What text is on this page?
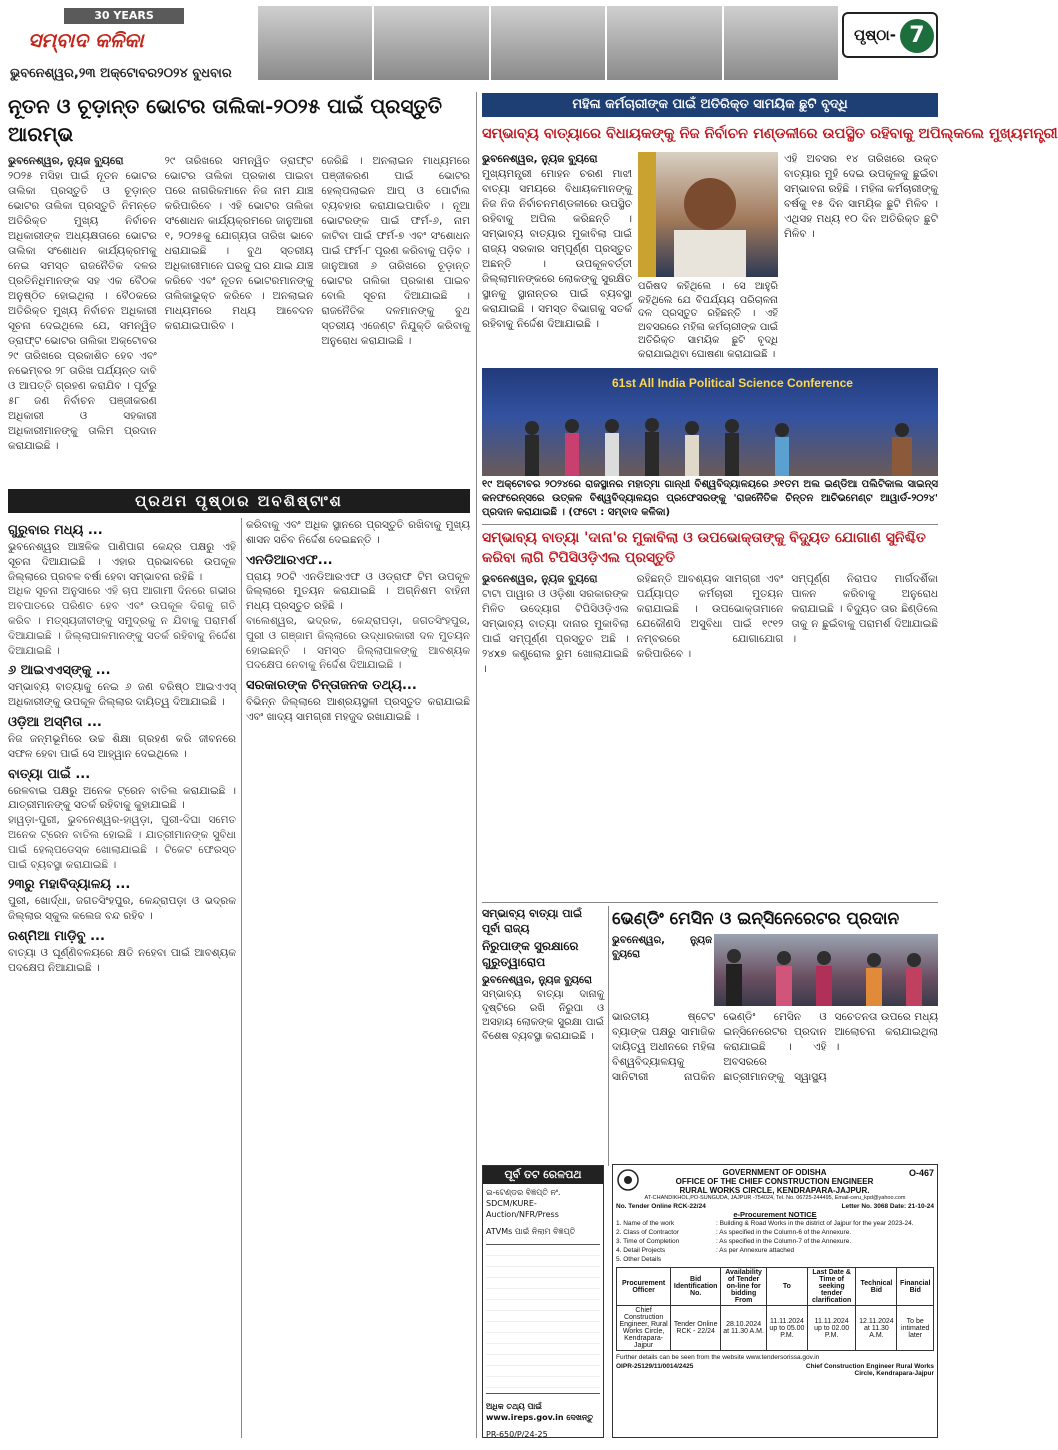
30 YEARS
ସମ୍ବାଦ କଳିକା
ଭୁବନେଶ୍ୱର,୨୩ ଅକ୍ଟୋବର୨୦୨୪ ବୁଧବାର
ପୃଷ୍ଠା- 7
ନୂତନ ଓ ଚୂଡ଼ାନ୍ତ ଭୋଟର ତାଲିକା-୨୦୨୫ ପାଇଁ ପ୍ରସ୍ତୁତି ଆରମ୍ଭ

ଭୁବନେଶ୍ୱର, ନ୍ୟୁଜ ବ୍ୟୁରୋ
୨୦୨୫ ମସିହା ପାଇଁ ନୂତନ ଭୋଟର ତାଲିକା ପ୍ରସ୍ତୁତି ଓ ଚୂଡ଼ାନ୍ତ ଭୋଟର ତାଲିକା ପ୍ରସ୍ତୁତି ନିମନ୍ତେ ଅତିରିକ୍ତ ମୁଖ୍ୟ ନିର୍ବାଚନ ଅଧିକାରୀଙ୍କ ଅଧ୍ୟକ୍ଷତାରେ ଭୋଟର ତାଲିକା ସଂଶୋଧନ କାର୍ଯ୍ୟକ୍ରମକୁ ନେଇ ସମସ୍ତ ରାଜନୈତିକ ଦଳର ପ୍ରତିନିଧିମାନଙ୍କ ସହ ଏକ ବୈଠକ ଅନୁଷ୍ଠିତ ହୋଇଥିଲା । ବୈଠକରେ ଅତିରିକ୍ତ ମୁଖ୍ୟ ନିର୍ବାଚନ ଅଧିକାରୀ ସୂଚନା ଦେଇଥିଲେ ଯେ, ସମନ୍ୱିତ ଡ୍ରାଫ୍ଟ ଭୋଟର ତାଲିକା ଅକ୍ଟୋବର ୨୯ ତାରିଖରେ ପ୍ରକାଶିତ ହେବ ଏବଂ ନଭେମ୍ବର ୨୮ ତାରିଖ ପର୍ଯ୍ୟନ୍ତ ଦାବି ଓ ଆପତ୍ତି ଗ୍ରହଣ କରାଯିବ । ପୂର୍ବରୁ ୫୮ ଜଣ ନିର୍ବାଚନ ପଞ୍ଜୀକରଣ ଅଧିକାରୀ ଓ ସହକାରୀ ଅଧିକାରୀମାନଙ୍କୁ ତାଲିମ ପ୍ରଦାନ କରାଯାଇଛି ।

୨୯ ତାରିଖରେ ସମନ୍ୱିତ ଡ୍ରାଫ୍ଟ ଭୋଟର ତାଲିକା ପ୍ରକାଶ ପାଇବା ପରେ ନାଗରିକମାନେ ନିଜ ନାମ ଯାଞ୍ଚ କରିପାରିବେ । ଏହି ଭୋଟର ତାଲିକା ସଂଶୋଧନ କାର୍ଯ୍ୟକ୍ରମରେ ଜାନୁଆରୀ ୧, ୨୦୨୫କୁ ଯୋଗ୍ୟତା ତାରିଖ ଭାବେ ଧରାଯାଇଛି । ବୁଥ ସ୍ତରୀୟ ଅଧିକାରୀମାନେ ଘରକୁ ଘର ଯାଇ ଯାଞ୍ଚ କରିବେ ଏବଂ ନୂତନ ଭୋଟରମାନଙ୍କୁ ତାଲିକାଭୁକ୍ତ କରିବେ । ଅନଲାଇନ ମାଧ୍ୟମରେ ମଧ୍ୟ ଆବେଦନ କରାଯାଇପାରିବ ।

ଜେରିଛି । ଅନଲାଇନ ମାଧ୍ୟମରେ ପଞ୍ଜୀକରଣ ପାଇଁ ଭୋଟର ହେଲ୍ପଲାଇନ ଆପ୍ ଓ ପୋର୍ଟାଲ ବ୍ୟବହାର କରାଯାଇପାରିବ । ନୂଆ ଭୋଟରଙ୍କ ପାଇଁ ଫର୍ମ-୬, ନାମ କାଟିବା ପାଇଁ ଫର୍ମ-୭ ଏବଂ ସଂଶୋଧନ ପାଇଁ ଫର୍ମ-୮ ପୂରଣ କରିବାକୁ ପଡ଼ିବ । ଜାନୁଆରୀ ୬ ତାରିଖରେ ଚୂଡ଼ାନ୍ତ ଭୋଟର ତାଲିକା ପ୍ରକାଶ ପାଇବ ବୋଲି ସୂଚନା ଦିଆଯାଇଛି । ରାଜନୈତିକ ଦଳମାନଙ୍କୁ ବୁଥ ସ୍ତରୀୟ ଏଜେଣ୍ଟ ନିଯୁକ୍ତି କରିବାକୁ ଅନୁରୋଧ କରାଯାଇଛି ।

ମହିଳା କର୍ମଚାରୀଙ୍କ ପାଇଁ ଅତିରିକ୍ତ ସାମୟିକ ଛୁଟି ବୃଦ୍ଧି
ସମ୍ଭାବ୍ୟ ବାତ୍ୟାରେ ବିଧାୟକଙ୍କୁ ନିଜ ନିର୍ବାଚନ ମଣ୍ଡଳୀରେ ଉପସ୍ଥିତ ରହିବାକୁ ଅପିଲ୍‌କଲେ ମୁଖ୍ୟମନ୍ତ୍ରୀ

ଭୁବନେଶ୍ୱର, ନ୍ୟୁଜ ବ୍ୟୁରୋ
ମୁଖ୍ୟମନ୍ତ୍ରୀ ମୋହନ ଚରଣ ମାଝୀ ବାତ୍ୟା ସମୟରେ ବିଧାୟକମାନଙ୍କୁ ନିଜ ନିଜ ନିର୍ବାଚନମଣ୍ଡଳୀରେ ଉପସ୍ଥିତ ରହିବାକୁ ଅପିଲ କରିଛନ୍ତି । ସମ୍ଭାବ୍ୟ ବାତ୍ୟାର ମୁକାବିଲା ପାଇଁ ରାଜ୍ୟ ସରକାର ସମ୍ପୂର୍ଣ୍ଣ ପ୍ରସ୍ତୁତ ଅଛନ୍ତି । ଉପକୂଳବର୍ତ୍ତୀ ଜିଲ୍ଲାମାନଙ୍କରେ ଲୋକଙ୍କୁ ସୁରକ୍ଷିତ ସ୍ଥାନକୁ ସ୍ଥାନାନ୍ତର ପାଇଁ ବ୍ୟବସ୍ଥା କରାଯାଇଛି । ସମସ୍ତ ବିଭାଗକୁ ସତର୍କ ରହିବାକୁ ନିର୍ଦ୍ଦେଶ ଦିଆଯାଇଛି ।

ପରିଷଦ କହିଥିଲେ । ସେ ଆହୁରି କହିଥିଲେ ଯେ ବିପର୍ଯ୍ୟୟ ପରିଚାଳନା ଦଳ ପ୍ରସ୍ତୁତ ରହିଛନ୍ତି । ଏହି ଅବସରରେ ମହିଳା କର୍ମଚାରୀଙ୍କ ପାଇଁ ଅତିରିକ୍ତ ସାମୟିକ ଛୁଟି ବୃଦ୍ଧି କରାଯାଇଥିବା ଘୋଷଣା କରାଯାଇଛି ।

ଏହି ଅବସର ୧୪ ତାରିଖରେ ଉକ୍ତ ବାତ୍ୟାର ମୁହଁ ଦେଇ ଉପକୂଳକୁ ଛୁଇଁବା ସମ୍ଭାବନା ରହିଛି । ମହିଳା କର୍ମଚାରୀଙ୍କୁ ବର୍ଷକୁ ୧୫ ଦିନ ସାମୟିକ ଛୁଟି ମିଳିବ । ଏଥିସହ ମଧ୍ୟ ୧୦ ଦିନ ଅତିରିକ୍ତ ଛୁଟି ମିଳିବ ।

61st All India Political Science Conference
୧୯ ଅକ୍ଟୋବର ୨୦୨୪ରେ ରାଜସ୍ଥାନର ମହାତ୍ମା ଗାନ୍ଧୀ ବିଶ୍ୱବିଦ୍ୟାଳୟରେ ୬୧ତମ ଅଲ ଇଣ୍ଡିଆ ପଲିଟିକାଲ ସାଇନ୍ସ କନଫରେନ୍ସରେ ଉତ୍କଳ ବିଶ୍ୱବିଦ୍ୟାଳୟର ପ୍ରଫେସରଙ୍କୁ 'ରାଜନୈତିକ ଚିନ୍ତନ ଆଚିଭମେଣ୍ଟ ଆୱାର୍ଡ-୨୦୨୪' ପ୍ରଦାନ କରାଯାଇଛି । (ଫଟୋ : ସମ୍ବାଦ କଳିକା)
ପ୍ରଥମ ପୃଷ୍ଠାର ଅବଶିଷ୍ଟାଂଶ
ଗୁରୁବାର ମଧ୍ୟ ...

ଭୁବନେଶ୍ୱର ଆଞ୍ଚଳିକ ପାଣିପାଗ କେନ୍ଦ୍ର ପକ୍ଷରୁ ଏହି ସୂଚନା ଦିଆଯାଇଛି । ଏହାର ପ୍ରଭାବରେ ଉପକୂଳ ଜିଲ୍ଲାରେ ପ୍ରବଳ ବର୍ଷା ହେବା ସମ୍ଭାବନା ରହିଛି ।

ଅଧିକ ସୂଚନା ଅନୁସାରେ ଏହି ଚାପ ଆଗାମୀ ଦିନରେ ଗଭୀର ଅବପାତରେ ପରିଣତ ହେବ ଏବଂ ଉପକୂଳ ଦିଗକୁ ଗତି କରିବ । ମତ୍ସ୍ୟଜୀବୀଙ୍କୁ ସମୁଦ୍ରକୁ ନ ଯିବାକୁ ପରାମର୍ଶ ଦିଆଯାଇଛି । ଜିଲ୍ଲାପାଳମାନଙ୍କୁ ସତର୍କ ରହିବାକୁ ନିର୍ଦ୍ଦେଶ ଦିଆଯାଇଛି ।

୬ ଆଇଏଏସ୍ଙ୍କୁ ...

ସମ୍ଭାବ୍ୟ ବାତ୍ୟାକୁ ନେଇ ୬ ଜଣ ବରିଷ୍ଠ ଆଇଏଏସ୍ ଅଧିକାରୀଙ୍କୁ ଉପକୂଳ ଜିଲ୍ଲାର ଦାୟିତ୍ୱ ଦିଆଯାଇଛି ।

ଓଡ଼ିଆ ଅସ୍ମିତା ...

ନିଜ ଜନ୍ମଭୂମିରେ ଉଚ୍ଚ ଶିକ୍ଷା ଗ୍ରହଣ କରି ଜୀବନରେ ସଫଳ ହେବା ପାଇଁ ସେ ଆହ୍ୱାନ ଦେଇଥିଲେ ।

ବାତ୍ୟା ପାଇଁ ...

ରେଳବାଇ ପକ୍ଷରୁ ଅନେକ ଟ୍ରେନ ବାତିଲ କରାଯାଇଛି । ଯାତ୍ରୀମାନଙ୍କୁ ସତର୍କ ରହିବାକୁ କୁହାଯାଇଛି ।

ହାୱଡ଼ା-ପୁରୀ, ଭୁବନେଶ୍ୱର-ହାୱଡ଼ା, ପୁରୀ-ଦିଘା ସମେତ ଅନେକ ଟ୍ରେନ ବାତିଲ ହୋଇଛି । ଯାତ୍ରୀମାନଙ୍କ ସୁବିଧା ପାଇଁ ହେଲ୍ପଡେସ୍କ ଖୋଲାଯାଇଛି । ଟିକେଟ ଫେରସ୍ତ ପାଇଁ ବ୍ୟବସ୍ଥା କରାଯାଇଛି ।

୨୩ରୁ ମହାବିଦ୍ୟାଳୟ ...

ପୁରୀ, ଖୋର୍ଦ୍ଧା, ଜଗତସିଂହପୁର, କେନ୍ଦ୍ରାପଡ଼ା ଓ ଭଦ୍ରକ ଜିଲ୍ଲାର ସ୍କୁଲ କଲେଜ ବନ୍ଦ ରହିବ ।

ରଶ୍ମିଆ ମାଡ଼ିବୁ ...

ବାତ୍ୟା ଓ ଘୂର୍ଣ୍ଣିବଳୟରେ କ୍ଷତି ନହେବା ପାଇଁ ଆବଶ୍ୟକ ପଦକ୍ଷେପ ନିଆଯାଇଛି ।

କରିବାକୁ ଏବଂ ଅଧିକ ସ୍ଥାନରେ ପ୍ରସ୍ତୁତି ରଖିବାକୁ ମୁଖ୍ୟ ଶାସନ ସଚିବ ନିର୍ଦ୍ଦେଶ ଦେଇଛନ୍ତି ।

ଏନଡିଆରଏଫ...

ପ୍ରାୟ ୨୦ଟି ଏନଡିଆରଏଫ ଓ ଓଡ୍ରାଫ ଟିମ ଉପକୂଳ ଜିଲ୍ଲାରେ ମୁତୟନ କରାଯାଇଛି । ଅଗ୍ନିଶମ ବାହିନୀ ମଧ୍ୟ ପ୍ରସ୍ତୁତ ରହିଛି ।

ବାଲେଶ୍ୱର, ଭଦ୍ରକ, କେନ୍ଦ୍ରାପଡ଼ା, ଜଗତସିଂହପୁର, ପୁରୀ ଓ ଗଞ୍ଜାମ ଜିଲ୍ଲାରେ ଉଦ୍ଧାରକାରୀ ଦଳ ମୁତୟନ ହୋଇଛନ୍ତି । ସମସ୍ତ ଜିଲ୍ଲାପାଳଙ୍କୁ ଆବଶ୍ୟକ ପଦକ୍ଷେପ ନେବାକୁ ନିର୍ଦ୍ଦେଶ ଦିଆଯାଇଛି ।

ସରକାରଙ୍କ ଚିନ୍ତାଜନକ ତଥ୍ୟ...

ବିଭିନ୍ନ ଜିଲ୍ଲାରେ ଆଶ୍ରୟସ୍ଥଳୀ ପ୍ରସ୍ତୁତ କରାଯାଇଛି ଏବଂ ଖାଦ୍ୟ ସାମଗ୍ରୀ ମହଜୁଦ ରଖାଯାଇଛି ।

ସମ୍ଭାବ୍ୟ ବାତ୍ୟା 'ଦାନା'ର ମୁକାବିଲା ଓ ଉପଭୋକ୍ତାଙ୍କୁ ବିଦ୍ୟୁତ ଯୋଗାଣ ସୁନିଶ୍ଚିତ କରିବା ଲାଗି ଟିପିସିଓଡ଼ିଏଲ ପ୍ରସ୍ତୁତି

ଭୁବନେଶ୍ୱର, ନ୍ୟୁଜ ବ୍ୟୁରୋ
ଟାଟା ପାୱାର ଓ ଓଡ଼ିଶା ସରକାରଙ୍କ ମିଳିତ ଉଦ୍ୟୋଗ ଟିପିସିଓଡ଼ିଏଲ ସମ୍ଭାବ୍ୟ ବାତ୍ୟା ଦାନାର ମୁକାବିଲା ପାଇଁ ସମ୍ପୂର୍ଣ୍ଣ ପ୍ରସ୍ତୁତ ଅଛି । ୨୪x୭ କଣ୍ଟ୍ରୋଲ ରୁମ ଖୋଲାଯାଇଛି ।

ରହିଛନ୍ତି ଆବଶ୍ୟକ ସାମଗ୍ରୀ ଏବଂ ପର୍ଯ୍ୟାପ୍ତ କର୍ମଚାରୀ ମୁତୟନ କରାଯାଇଛି । ଉପଭୋକ୍ତାମାନେ ଯେକୌଣସି ଅସୁବିଧା ପାଇଁ ୧୯୧୨ ନମ୍ବରରେ ଯୋଗାଯୋଗ କରିପାରିବେ ।

ସମ୍ପୂର୍ଣ୍ଣ ନିରାପଦ ମାର୍ଗଦର୍ଶିକା ପାଳନ କରିବାକୁ ଅନୁରୋଧ କରାଯାଇଛି । ବିଦ୍ୟୁତ ତାର ଛିଣ୍ଡିଲେ ତାକୁ ନ ଛୁଇଁବାକୁ ପରାମର୍ଶ ଦିଆଯାଇଛି ।

ସମ୍ଭାବ୍ୟ ବାତ୍ୟା ପାଇଁ ପୂର୍ବା ରାଜ୍ୟ
ନିରୁପାଙ୍କ ସୁରକ୍ଷାରେ ଗୁରୁତ୍ୱାରୋପ

ଭୁବନେଶ୍ୱର, ନ୍ୟୁଜ ବ୍ୟୁରୋ
ସମ୍ଭାବ୍ୟ ବାତ୍ୟା ଦାନାକୁ ଦୃଷ୍ଟିରେ ରଖି ନିରୁପା ଓ ଅସହାୟ ଲୋକଙ୍କ ସୁରକ୍ଷା ପାଇଁ ବିଶେଷ ବ୍ୟବସ୍ଥା କରାଯାଇଛି ।

ପୂର୍ବ ତଟ ରେଳପଥ

ଇ-ଟେଣ୍ଡର ବିଜ୍ଞପ୍ତି ନଂ. SDCM/KURE-Auction/NFR/Press

ATVMs ପାଇଁ ନିଲାମ ବିଜ୍ଞପ୍ତି

ଅଧିକ ତଥ୍ୟ ପାଇଁ www.ireps.gov.in ଦେଖନ୍ତୁ

PR-650/P/24-25

ଭେଣ୍ଡିଂ ମେସିନ ଓ ଇନ୍ସିନେରେଟର ପ୍ରଦାନ

ଭୁବନେଶ୍ୱର, ନ୍ୟୁଜ ବ୍ୟୁରୋ

ଭାରତୀୟ ଷ୍ଟେଟ ବ୍ୟାଙ୍କ ପକ୍ଷରୁ ସାମାଜିକ ଦାୟିତ୍ୱ ଅଧୀନରେ ମହିଳା ବିଶ୍ୱବିଦ୍ୟାଳୟକୁ ସାନିଟାରୀ ନାପକିନ ଭେଣ୍ଡିଂ ମେସିନ ଓ ଇନ୍ସିନେରେଟର ପ୍ରଦାନ କରାଯାଇଛି । ଏହି ଅବସରରେ ଛାତ୍ରୀମାନଙ୍କୁ ସ୍ୱାସ୍ଥ୍ୟ ସଚେତନତା ଉପରେ ମଧ୍ୟ ଆଲୋଚନା କରାଯାଇଥିଲା ।

GOVERNMENT OF ODISHA
OFFICE OF THE CHIEF CONSTRUCTION ENGINEER
RURAL WORKS CIRCLE, KENDRAPARA-JAJPUR.
O-467
AT-CHANDIKHOL,PO-SUNGUDA, JAJPUR -754024, Tel. No. 06725-244495, Email-ceru_kpd@yahoo.com
No. Tender Online RCK-22/24	Letter No. 3068 Date: 21-10-24
e-Procurement NOTICE
1. Name of the work	: Building & Road Works in the district of Jajpur for the year 2023-24.
2. Class of Contractor	: As specified in the Column-6 of the Annexure.
3. Time of Completion	: As specified in the Column-7 of the Annexure.
4. Detail Projects	: As per Annexure attached
5. Other Details
Procurement Officer	Bid Identification No.	Availability of Tender on-line for bidding From	To	Last Date & Time of seeking tender clarification	Technical Bid	Financial Bid
Chief Construction Engineer, Rural Works Circle, Kendrapara-Jajpur	Tender Online RCK - 22/24	28.10.2024 at 11.30 A.M.	11.11.2024 up to 05.00 P.M.	11.11.2024 up to 02.00 P.M.	12.11.2024 at 11.30 A.M.	To be intimated later
Further details can be seen from the website www.tendersorissa.gov.in
OIPR-25129/11/0014/2425	Chief Construction Engineer Rural Works Circle, Kendrapara-Jajpur
